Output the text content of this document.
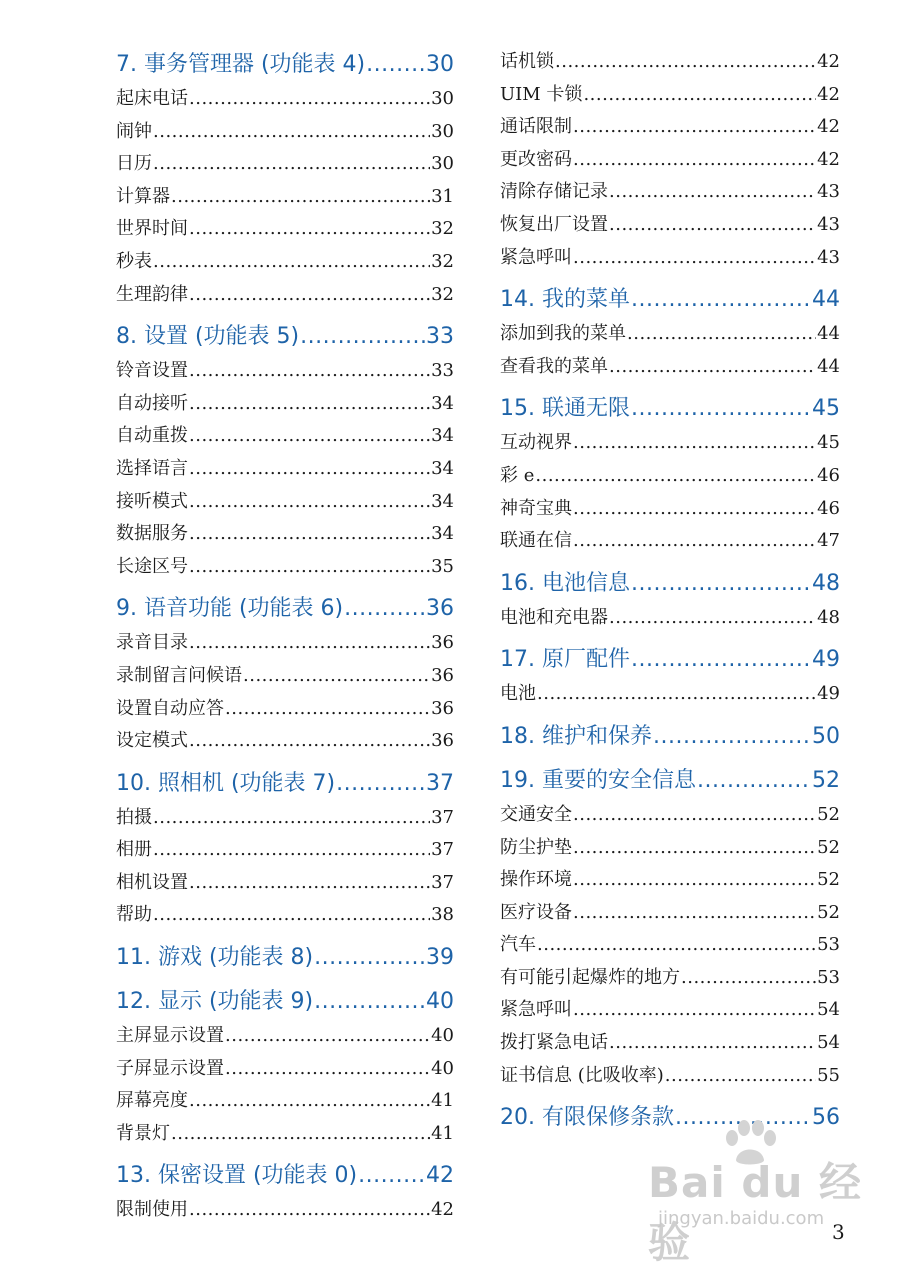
7. 事务管理器 (功能表 4) .....	30
起床电话 .....	30
闹钟 .....	30
日历 .....	30
计算器 .....	31
世界时间 .....	32
秒表 .....	32
生理韵律 .....	32
8. 设置 (功能表 5) .....	33
铃音设置 .....	33
自动接听 .....	34
自动重拨 .....	34
选择语言 .....	34
接听模式 .....	34
数据服务 .....	34
长途区号 .....	35
9. 语音功能 (功能表 6) .....	36
录音目录 .....	36
录制留言问候语 .....	36
设置自动应答 .....	36
设定模式 .....	36
10. 照相机 (功能表 7) .....	37
拍摄 .....	37
相册 .....	37
相机设置 .....	37
帮助 .....	38
11. 游戏 (功能表 8) .....	39
12. 显示 (功能表 9) .....	40
主屏显示设置 .....	40
子屏显示设置 .....	40
屏幕亮度 .....	41
背景灯 .....	41
13. 保密设置 (功能表 0) .....	42
限制使用 .....	42
话机锁 .....	42
UIM 卡锁 .....	42
通话限制 .....	42
更改密码 .....	42
清除存储记录 .....	43
恢复出厂设置 .....	43
紧急呼叫 .....	43
14. 我的菜单 .....	44
添加到我的菜单 .....	44
查看我的菜单 .....	44
15. 联通无限 .....	45
互动视界 .....	45
彩 e .....	46
神奇宝典 .....	46
联通在信 .....	47
16. 电池信息 .....	48
电池和充电器 .....	48
17. 原厂配件 .....	49
电池 .....	49
18. 维护和保养 .....	50
19. 重要的安全信息 .....	52
交通安全 .....	52
防尘护垫 .....	52
操作环境 .....	52
医疗设备 .....	52
汽车 .....	53
有可能引起爆炸的地方 .....	53
紧急呼叫 .....	54
拨打紧急电话 .....	54
证书信息 (比吸收率) .....	55
20. 有限保修条款 .....	56
Bai du 经验
jingyan.baidu.com
3
